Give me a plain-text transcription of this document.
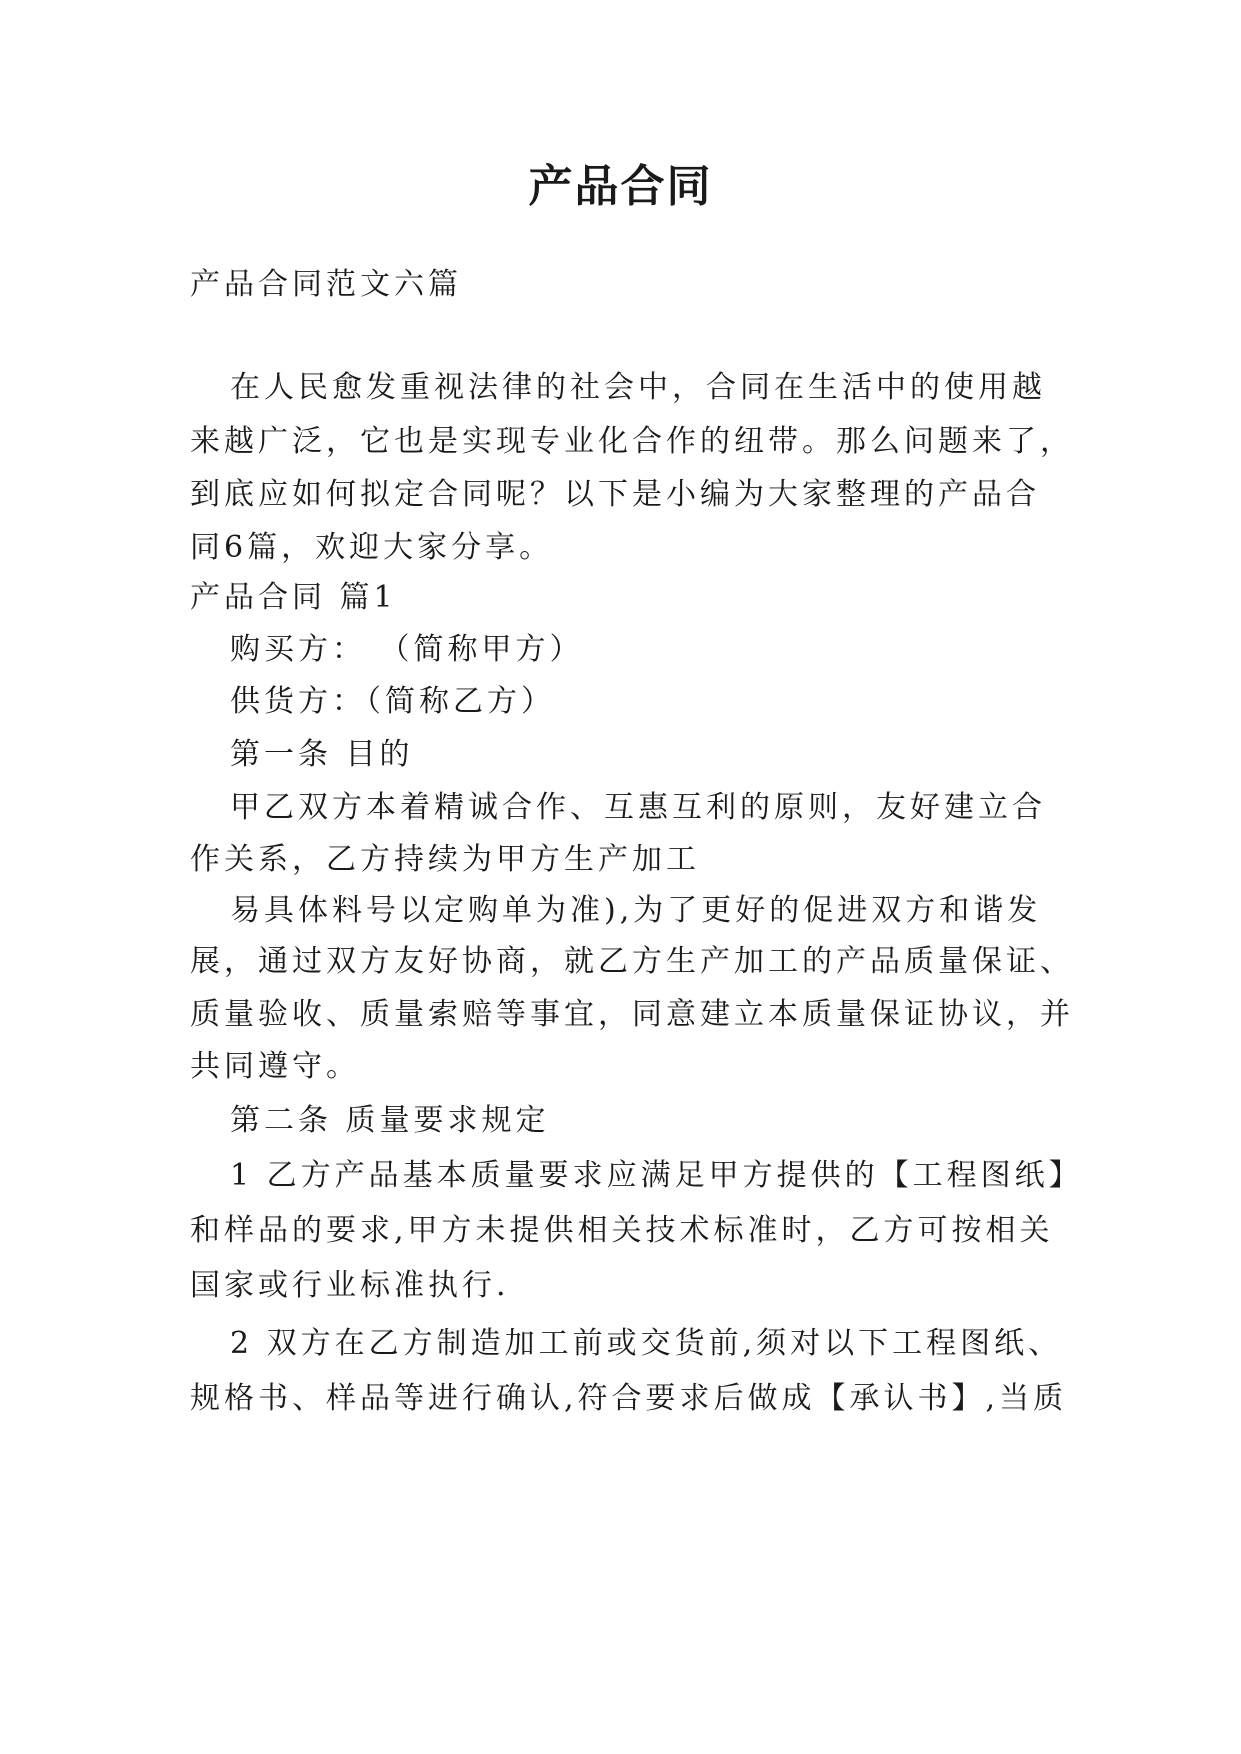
产品合同
产品合同范文六篇
在人民愈发重视法律的社会中，合同在生活中的使用越
来越广泛，它也是实现专业化合作的纽带。那么问题来了，
到底应如何拟定合同呢？以下是小编为大家整理的产品合
同6篇，欢迎大家分享。
产品合同 篇1
购买方： （简称甲方）
供货方：（简称乙方）
第一条 目的
甲乙双方本着精诚合作、互惠互利的原则，友好建立合
作关系，乙方持续为甲方生产加工
易具体料号以定购单为准),为了更好的促进双方和谐发
展，通过双方友好协商，就乙方生产加工的产品质量保证、
质量验收、质量索赔等事宜，同意建立本质量保证协议，并
共同遵守。
第二条 质量要求规定
1 乙方产品基本质量要求应满足甲方提供的【工程图纸】
和样品的要求,甲方未提供相关技术标准时，乙方可按相关
国家或行业标准执行.
2 双方在乙方制造加工前或交货前,须对以下工程图纸、
规格书、样品等进行确认,符合要求后做成【承认书】,当质
